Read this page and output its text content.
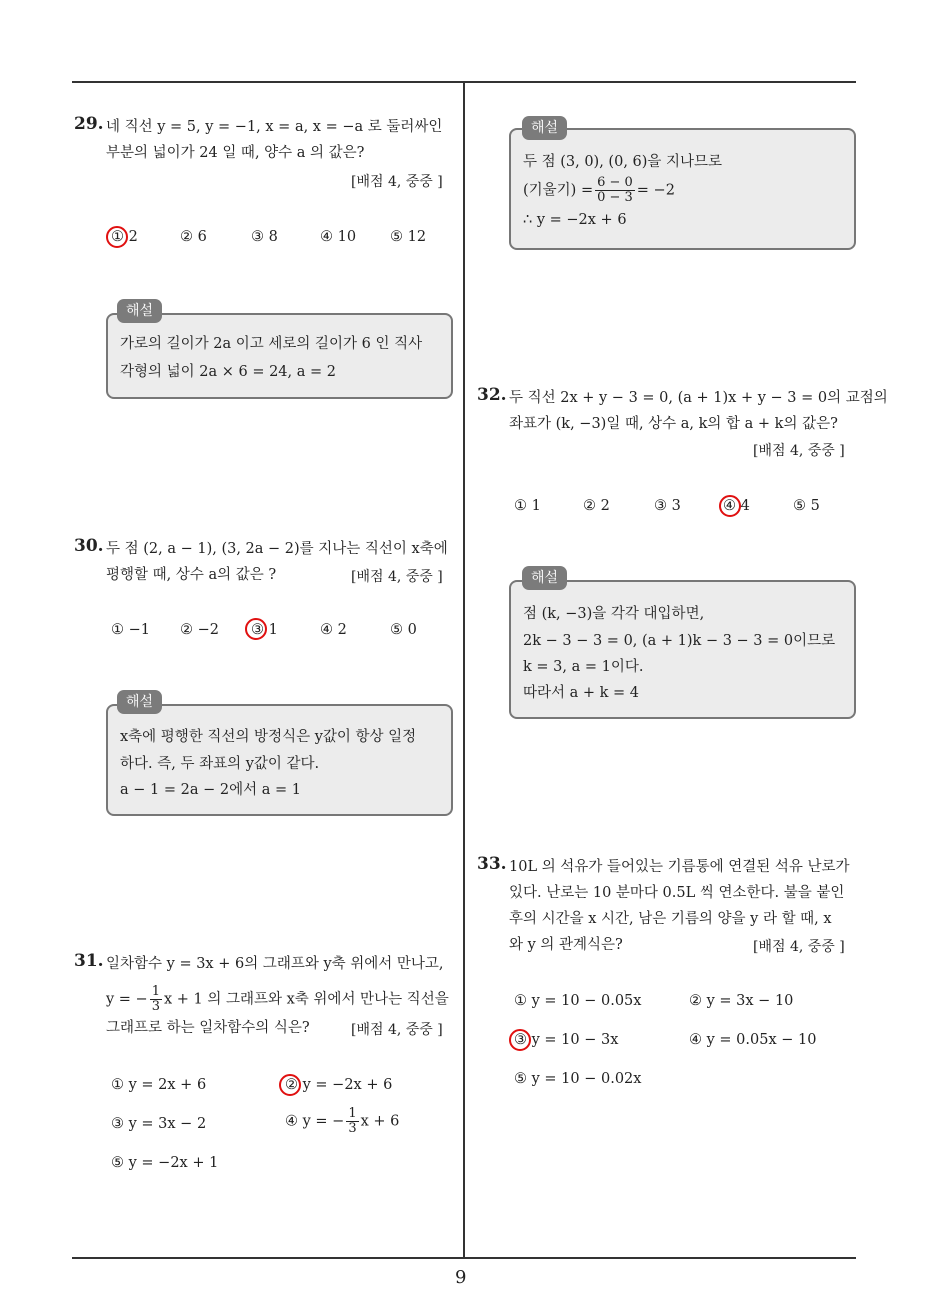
9
29. 네 직선 y = 5, y = −1, x = a, x = −a 로 둘러싸인
부분의 넓이가 24 일 때, 양수 a 의 값은?
[배점 4, 중중 ]
① 2	② 6	③ 8	④ 10 ⑤ 12
가로의 길이가 2a 이고 세로의 길이가 6 인 직사
각형의 넓이 2a × 6 = 24, a = 2
해설
30. 두 점 (2, a − 1), (3, 2a − 2)를 지나는 직선이 x축에
평행할 때, 상수 a의 값은 ?	[배점 4, 중중 ]
① −1 ② −2 ③ 1	④ 2	⑤ 0
x축에 평행한 직선의 방정식은 y값이 항상 일정
하다. 즉, 두 좌표의 y값이 같다.
a − 1 = 2a − 2에서 a = 1
해설
31. 일차함수 y = 3x + 6의 그래프와 y축 위에서 만나고,
y = − $\frac{1}{3}$ x + 1 의 그래프와 x축 위에서 만나는 직선을
그래프로 하는 일차함수의 식은?	[배점 4, 중중 ]
① y = 2x + 6	② y = −2x + 6
③ y = 3x − 2	④ y = − $\frac{1}{3}$ x + 6
⑤ y = −2x + 1
두 점 (3, 0), (0, 6)을 지나므로
(기울기) = $\frac{6 - 0}{0 - 3} = -2$
∴ y = −2x + 6
해설
32. 두 직선 2x + y − 3 = 0, (a + 1)x + y − 3 = 0의 교점의
좌표가 (k, −3)일 때, 상수 a, k의 합 a + k의 값은?
[배점 4, 중중 ]
① 1	② 2	③ 3	④ 4	⑤ 5
점 (k, −3)을 각각 대입하면,
2k − 3 − 3 = 0, (a + 1)k − 3 − 3 = 0이므로
k = 3, a = 1이다.
따라서 a + k = 4
해설
33. 10L 의 석유가 들어있는 기름통에 연결된 석유 난로가
있다. 난로는 10 분마다 0.5L 씩 연소한다. 불을 붙인
후의 시간을 x 시간, 남은 기름의 양을 y 라 할 때, x
와 y 의 관계식은?	[배점 4, 중중 ]
① y = 10 − 0.05x	② y = 3x − 10
③ y = 10 − 3x	④ y = 0.05x − 10
⑤ y = 10 − 0.02x
